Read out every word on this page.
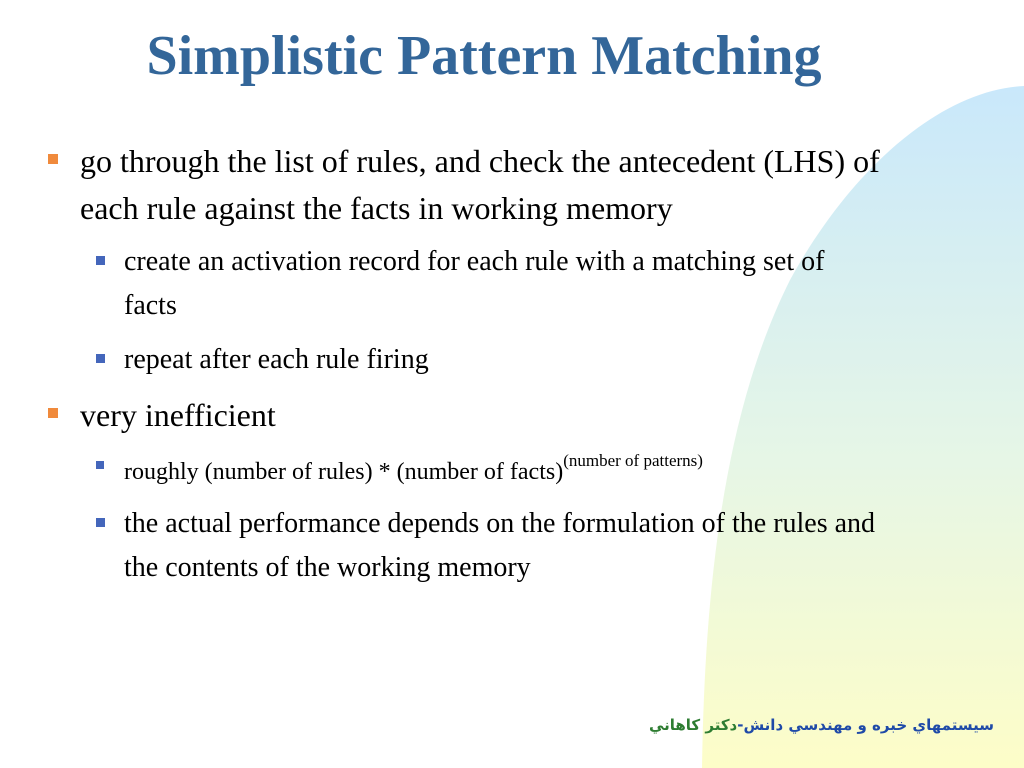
Simplistic Pattern Matching
go through the list of rules, and check the antecedent (LHS) of each rule against the facts in working memory
create an activation record for each rule with a matching set of facts
repeat after each rule firing
very inefficient
roughly (number of rules) * (number of facts)$^{(number of patterns)}$
the actual performance depends on the formulation of the rules and the contents of the working memory
سيستمهاي خبره و مهندسي دانش-دكتر كاهاني
